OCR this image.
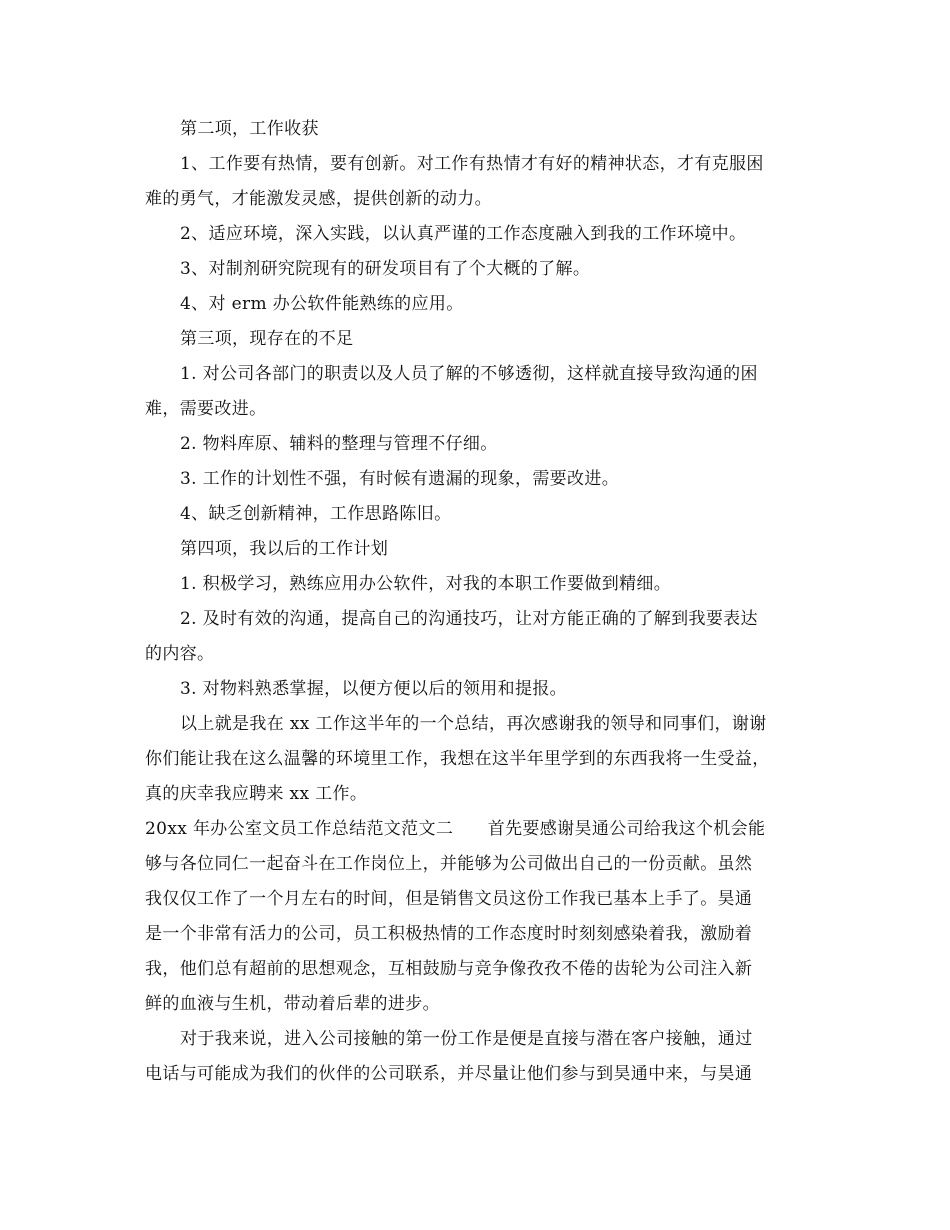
第二项，工作收获
1、工作要有热情，要有创新。对工作有热情才有好的精神状态，才有克服困
难的勇气，才能激发灵感，提供创新的动力。
2、适应环境，深入实践，以认真严谨的工作态度融入到我的工作环境中。
3、对制剂研究院现有的研发项目有了个大概的了解。
4、对 erm 办公软件能熟练的应用。
第三项，现存在的不足
1. 对公司各部门的职责以及人员了解的不够透彻，这样就直接导致沟通的困
难，需要改进。
2. 物料库原、辅料的整理与管理不仔细。
3. 工作的计划性不强，有时候有遗漏的现象，需要改进。
4、缺乏创新精神，工作思路陈旧。
第四项，我以后的工作计划
1. 积极学习，熟练应用办公软件，对我的本职工作要做到精细。
2. 及时有效的沟通，提高自己的沟通技巧，让对方能正确的了解到我要表达
的内容。
3. 对物料熟悉掌握，以便方便以后的领用和提报。
以上就是我在 xx 工作这半年的一个总结，再次感谢我的领导和同事们，谢谢
你们能让我在这么温馨的环境里工作，我想在这半年里学到的东西我将一生受益，
真的庆幸我应聘来 xx 工作。
20xx 年办公室文员工作总结范文范文二      首先要感谢昊通公司给我这个机会能
够与各位同仁一起奋斗在工作岗位上，并能够为公司做出自己的一份贡献。虽然
我仅仅工作了一个月左右的时间，但是销售文员这份工作我已基本上手了。昊通
是一个非常有活力的公司，员工积极热情的工作态度时时刻刻感染着我，激励着
我，他们总有超前的思想观念，互相鼓励与竞争像孜孜不倦的齿轮为公司注入新
鲜的血液与生机，带动着后辈的进步。
对于我来说，进入公司接触的第一份工作是便是直接与潜在客户接触，通过
电话与可能成为我们的伙伴的公司联系，并尽量让他们参与到昊通中来，与昊通
